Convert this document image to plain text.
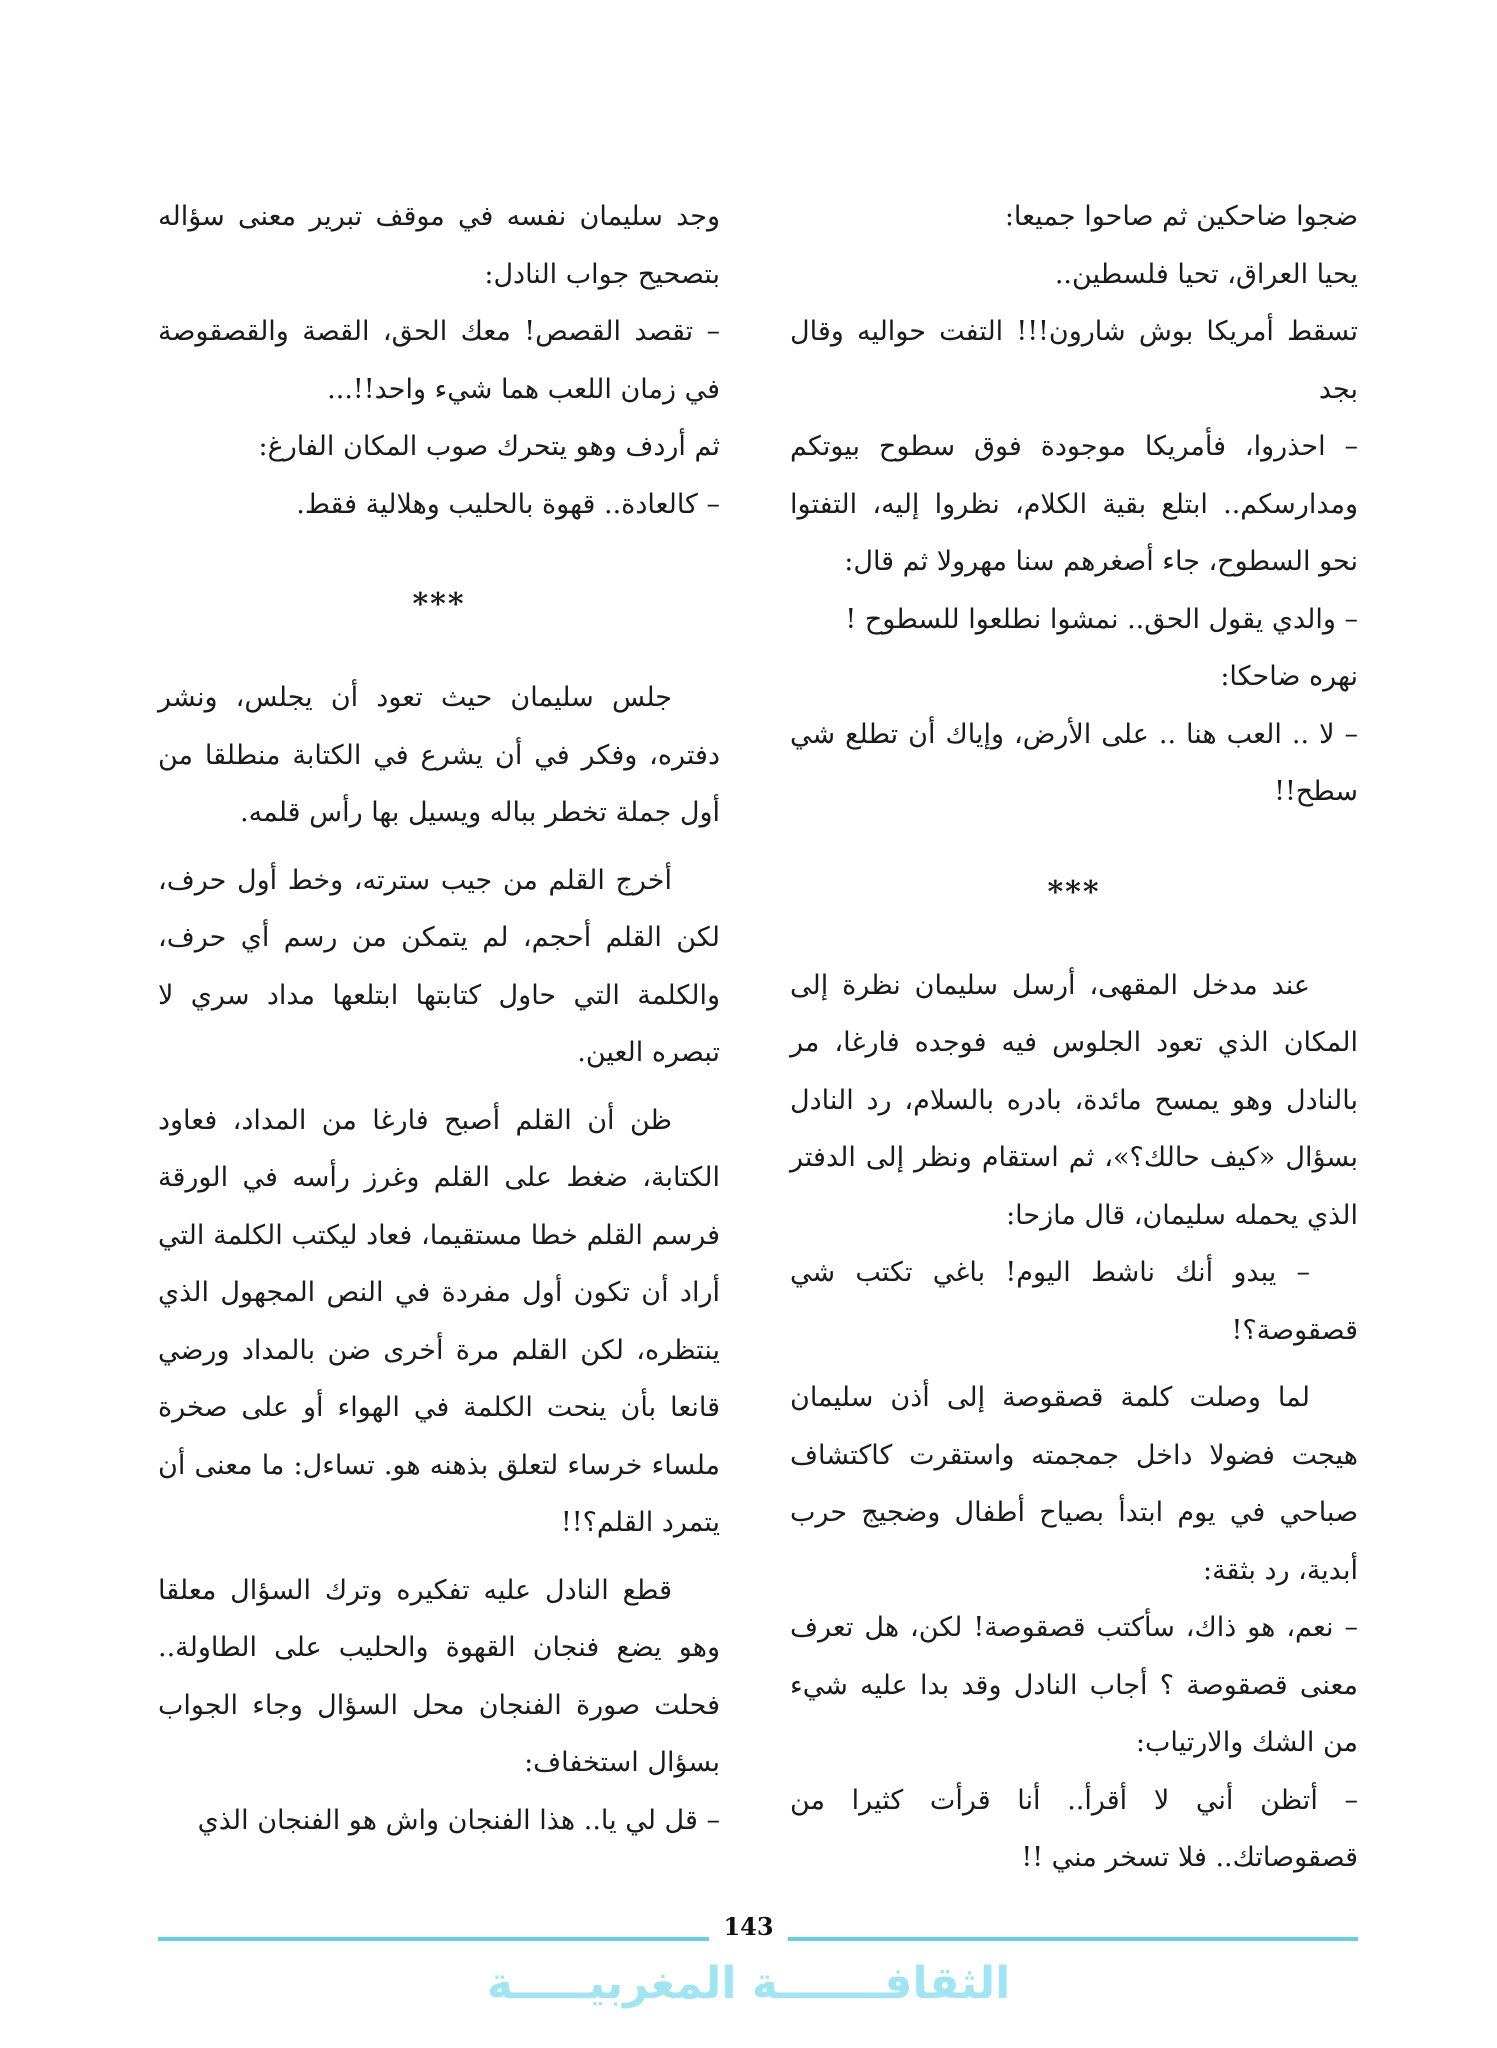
ضجوا ضاحكين ثم صاحوا جميعا:

يحيا العراق، تحيا فلسطين..

تسقط أمريكا بوش شارون!!! التفت حواليه وقال بجد

– احذروا، فأمريكا موجودة فوق سطوح بيوتكم ومدارسكم.. ابتلع بقية الكلام، نظروا إليه، التفتوا نحو السطوح، جاء أصغرهم سنا مهرولا ثم قال:

– والدي يقول الحق.. نمشوا نطلعوا للسطوح !

نهره ضاحكا:

– لا .. العب هنا .. على الأرض، وإياك أن تطلع شي سطح!!

***

عند مدخل المقهى، أرسل سليمان نظرة إلى المكان الذي تعود الجلوس فيه فوجده فارغا، مر بالنادل وهو يمسح مائدة، بادره بالسلام، رد النادل بسؤال «كيف حالك؟»، ثم استقام ونظر إلى الدفتر الذي يحمله سليمان، قال مازحا:

– يبدو أنك ناشط اليوم! باغي تكتب شي قصقوصة؟!

لما وصلت كلمة قصقوصة إلى أذن سليمان هيجت فضولا داخل جمجمته واستقرت كاكتشاف صباحي في يوم ابتدأ بصياح أطفال وضجيج حرب أبدية، رد بثقة:

– نعم، هو ذاك، سأكتب قصقوصة! لكن، هل تعرف معنى قصقوصة ؟ أجاب النادل وقد بدا عليه شيء من الشك والارتياب:

– أتظن أني لا أقرأ.. أنا قرأت كثيرا من قصقوصاتك.. فلا تسخر مني !!

وجد سليمان نفسه في موقف تبرير معنى سؤاله بتصحيح جواب النادل:

– تقصد القصص! معك الحق، القصة والقصقوصة في زمان اللعب هما شيء واحد!!...

ثم أردف وهو يتحرك صوب المكان الفارغ:

– كالعادة.. قهوة بالحليب وهلالية فقط.

***

جلس سليمان حيث تعود أن يجلس، ونشر دفتره، وفكر في أن يشرع في الكتابة منطلقا من أول جملة تخطر بباله ويسيل بها رأس قلمه.

أخرج القلم من جيب سترته، وخط أول حرف، لكن القلم أحجم، لم يتمكن من رسم أي حرف، والكلمة التي حاول كتابتها ابتلعها مداد سري لا تبصره العين.

ظن أن القلم أصبح فارغا من المداد، فعاود الكتابة، ضغط على القلم وغرز رأسه في الورقة فرسم القلم خطا مستقيما، فعاد ليكتب الكلمة التي أراد أن تكون أول مفردة في النص المجهول الذي ينتظره، لكن القلم مرة أخرى ضن بالمداد ورضي قانعا بأن ينحت الكلمة في الهواء أو على صخرة ملساء خرساء لتعلق بذهنه هو. تساءل: ما معنى أن يتمرد القلم؟!!

قطع النادل عليه تفكيره وترك السؤال معلقا وهو يضع فنجان القهوة والحليب على الطاولة.. فحلت صورة الفنجان محل السؤال وجاء الجواب بسؤال استخفاف:

– قل لي يا.. هذا الفنجان واش هو الفنجان الذي

143
الثقافـــــــة المغربيـــــة
